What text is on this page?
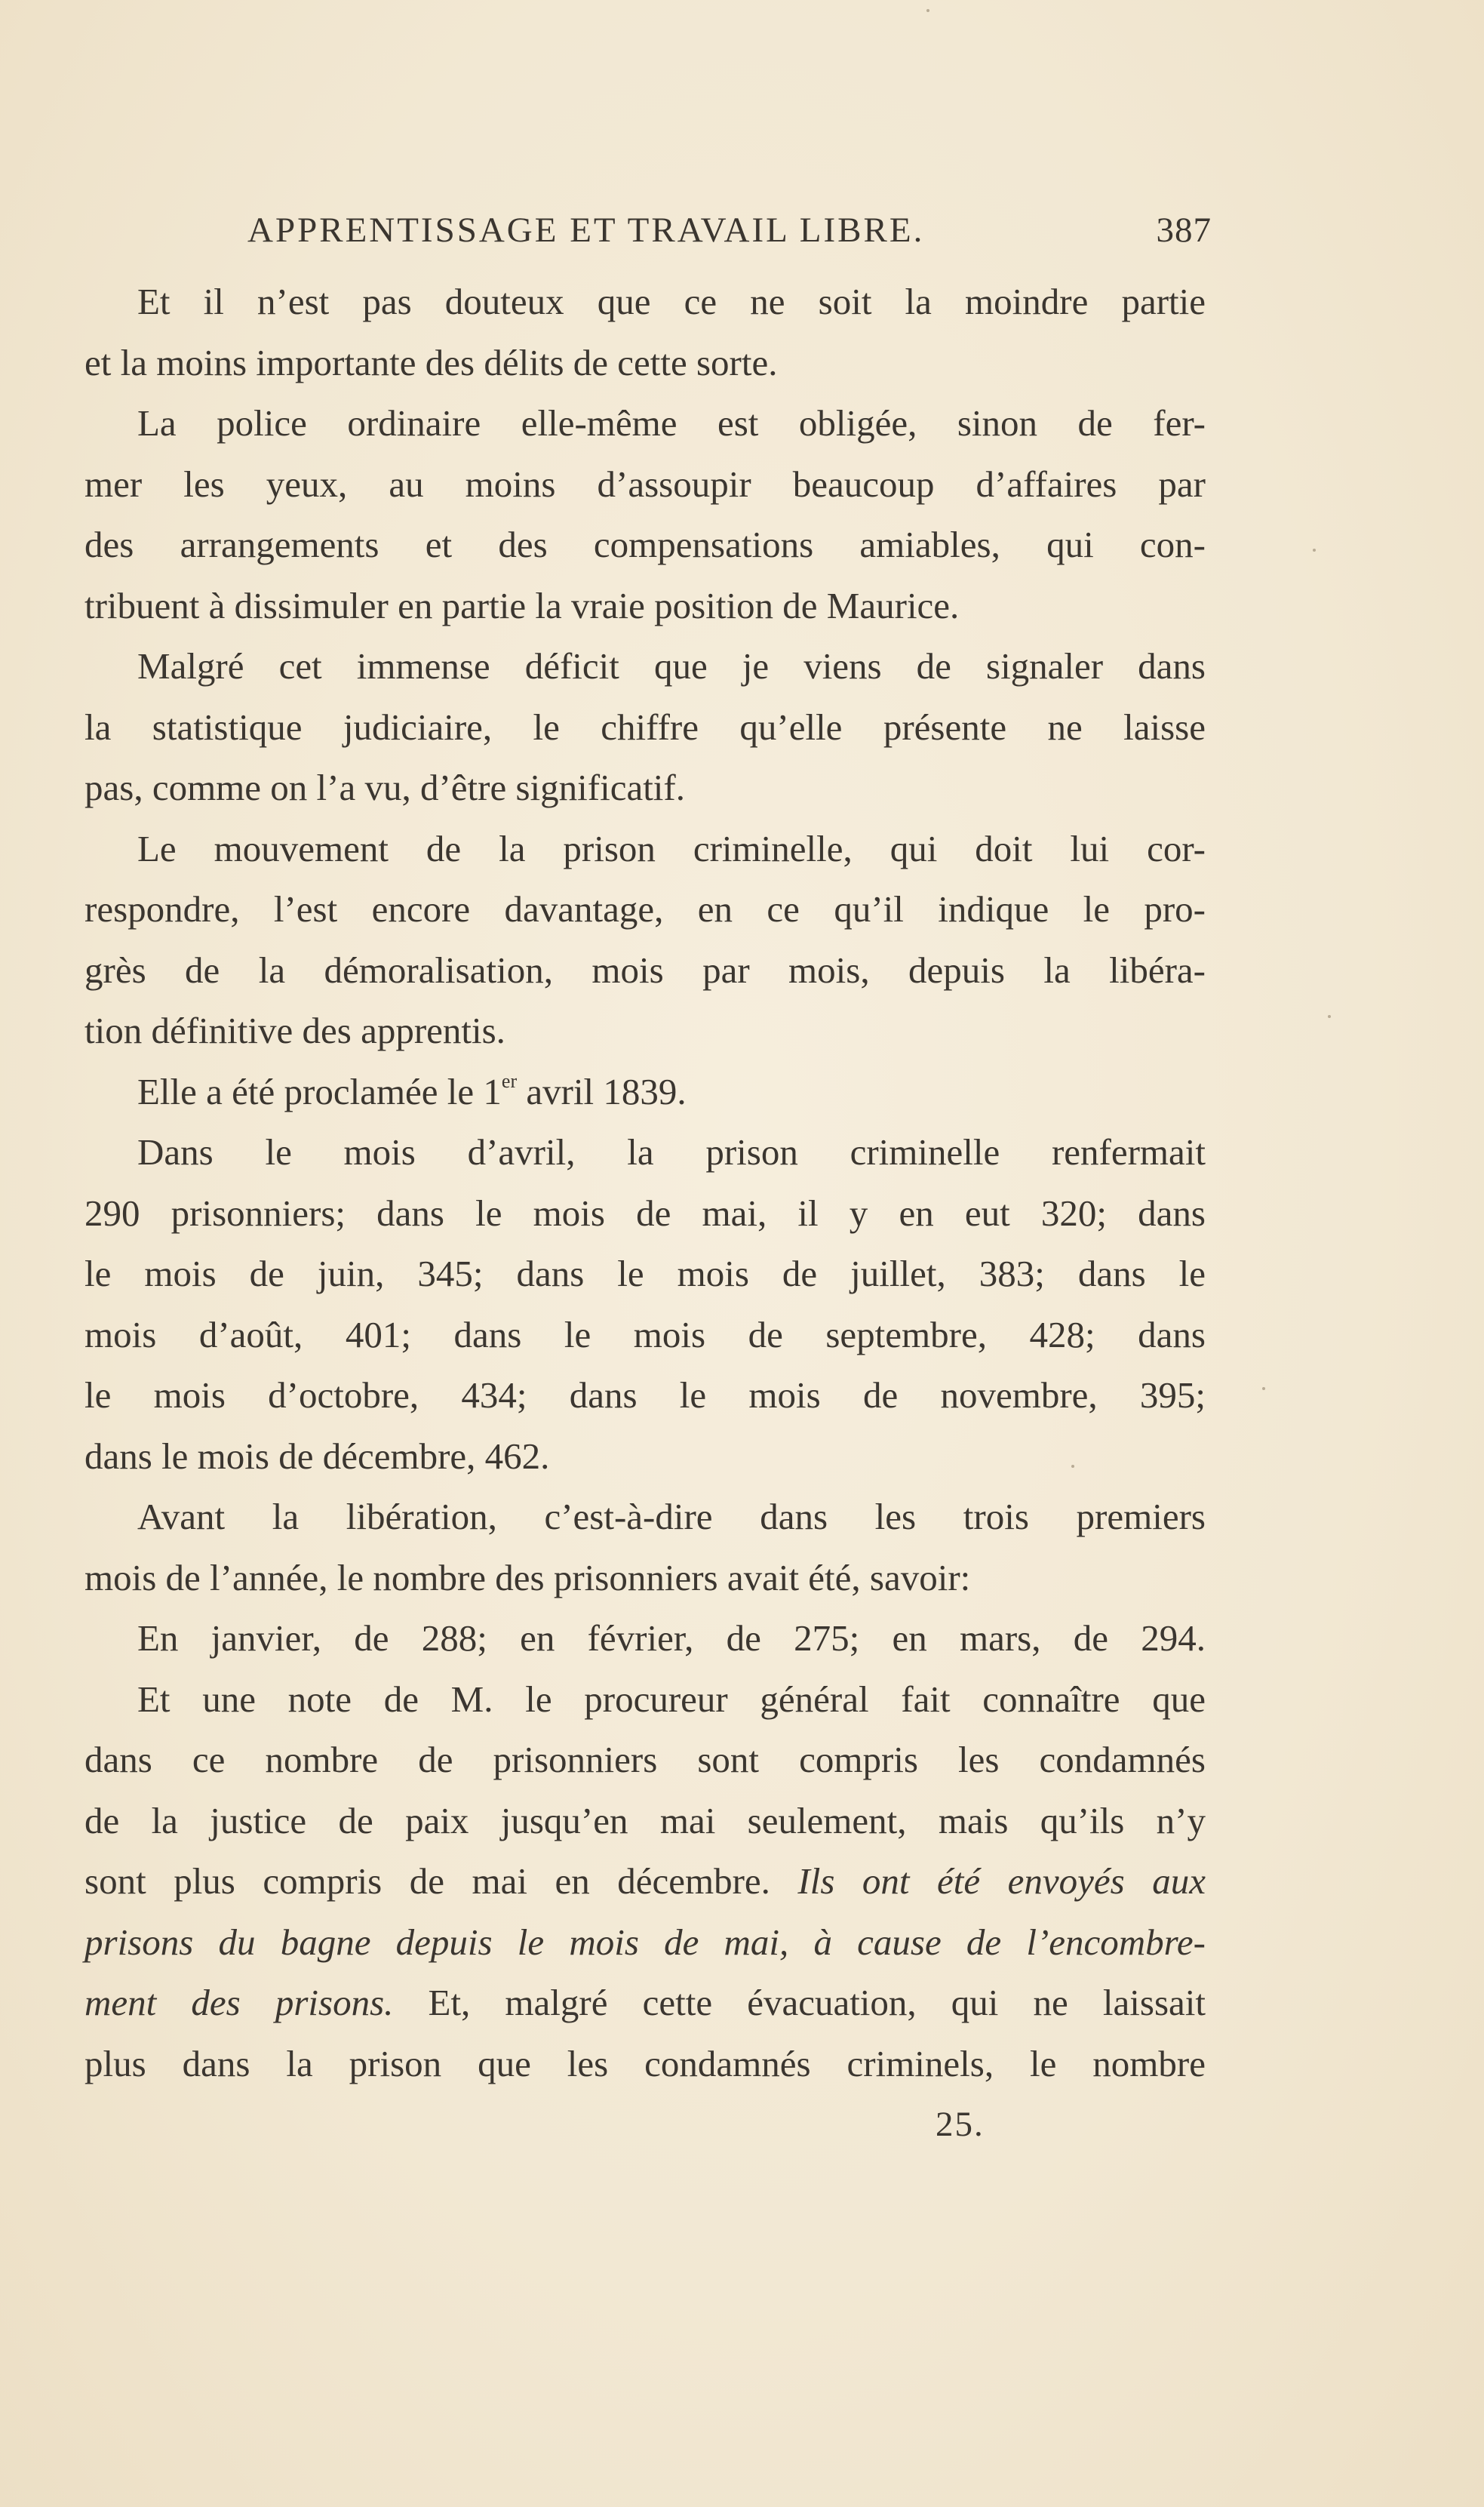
APPRENTISSAGE ET TRAVAIL LIBRE.	387
Et il n’est pas douteux que ce ne soit la moindre partie
et la moins importante des délits de cette sorte.
La police ordinaire elle-même est obligée, sinon de fer-
mer les yeux, au moins d’assoupir beaucoup d’affaires par
des arrangements et des compensations amiables, qui con-
tribuent à dissimuler en partie la vraie position de Maurice.
Malgré cet immense déficit que je viens de signaler dans
la statistique judiciaire, le chiffre qu’elle présente ne laisse
pas, comme on l’a vu, d’être significatif.
Le mouvement de la prison criminelle, qui doit lui cor-
respondre, l’est encore davantage, en ce qu’il indique le pro-
grès de la démoralisation, mois par mois, depuis la libéra-
tion définitive des apprentis.
Elle a été proclamée le 1er avril 1839.
Dans le mois d’avril, la prison criminelle renfermait
290 prisonniers; dans le mois de mai, il y en eut 320; dans
le mois de juin, 345; dans le mois de juillet, 383; dans le
mois d’août, 401; dans le mois de septembre, 428; dans
le mois d’octobre, 434; dans le mois de novembre, 395;
dans le mois de décembre, 462.
Avant la libération, c’est-à-dire dans les trois premiers
mois de l’année, le nombre des prisonniers avait été, savoir:
En janvier, de 288; en février, de 275; en mars, de 294.
Et une note de M. le procureur général fait connaître que
dans ce nombre de prisonniers sont compris les condamnés
de la justice de paix jusqu’en mai seulement, mais qu’ils n’y
sont plus compris de mai en décembre. Ils ont été envoyés aux
prisons du bagne depuis le mois de mai, à cause de l’encombre-
ment des prisons. Et, malgré cette évacuation, qui ne laissait
plus dans la prison que les condamnés criminels, le nombre
25.
